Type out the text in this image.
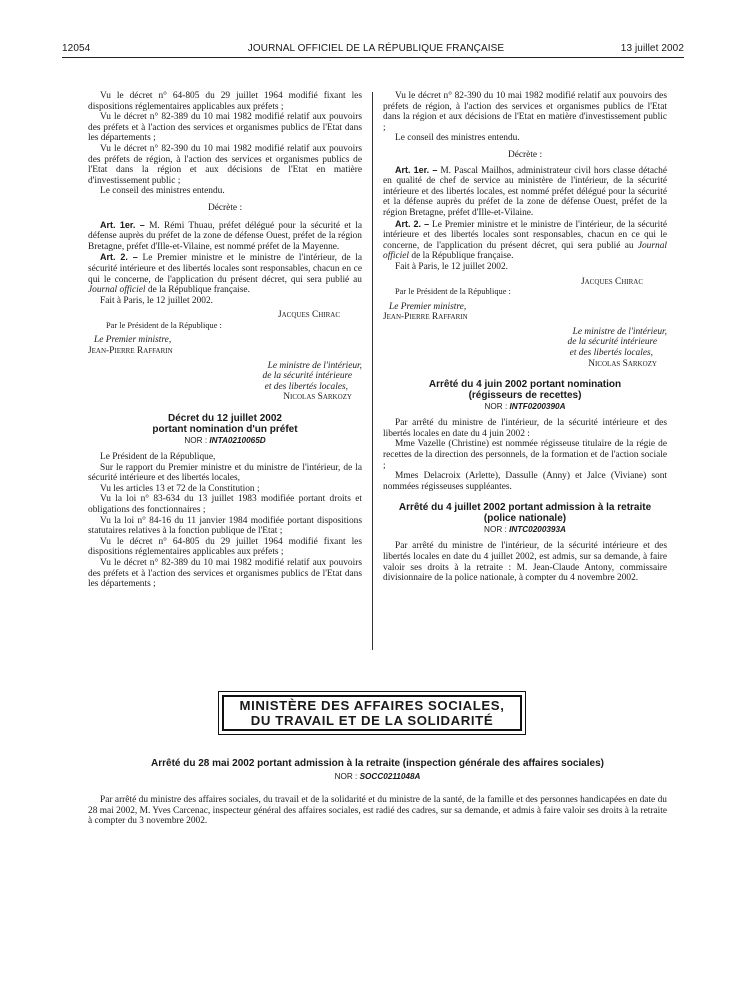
12054	JOURNAL OFFICIEL DE LA RÉPUBLIQUE FRANÇAISE	13 juillet 2002

Vu le décret n° 64-805 du 29 juillet 1964 modifié fixant les dispositions réglementaires applicables aux préfets ;

Vu le décret n° 82-389 du 10 mai 1982 modifié relatif aux pouvoirs des préfets et à l'action des services et organismes publics de l'Etat dans les départements ;

Vu le décret n° 82-390 du 10 mai 1982 modifié relatif aux pouvoirs des préfets de région, à l'action des services et organismes publics de l'Etat dans la région et aux décisions de l'Etat en matière d'investissement public ;

Le conseil des ministres entendu.

Décrète :

Art. 1er. – M. Rémi Thuau, préfet délégué pour la sécurité et la défense auprès du préfet de la zone de défense Ouest, préfet de la région Bretagne, préfet d'Ille-et-Vilaine, est nommé préfet de la Mayenne.

Art. 2. – Le Premier ministre et le ministre de l'intérieur, de la sécurité intérieure et des libertés locales sont responsables, chacun en ce qui le concerne, de l'application du présent décret, qui sera publié au Journal officiel de la République française.

Fait à Paris, le 12 juillet 2002.

Jacques Chirac
Par le Président de la République :
Le Premier ministre,
Jean-Pierre Raffarin
Le ministre de l'intérieur,
de la sécurité intérieure
et des libertés locales,
Nicolas Sarkozy
Décret du 12 juillet 2002
portant nomination d'un préfet
NOR : INTA0210065D

Le Président de la République,

Sur le rapport du Premier ministre et du ministre de l'intérieur, de la sécurité intérieure et des libertés locales,

Vu les articles 13 et 72 de la Constitution ;

Vu la loi n° 83-634 du 13 juillet 1983 modifiée portant droits et obligations des fonctionnaires ;

Vu la loi n° 84-16 du 11 janvier 1984 modifiée portant dispositions statutaires relatives à la fonction publique de l'Etat ;

Vu le décret n° 64-805 du 29 juillet 1964 modifié fixant les dispositions réglementaires applicables aux préfets ;

Vu le décret n° 82-389 du 10 mai 1982 modifié relatif aux pouvoirs des préfets et à l'action des services et organismes publics de l'Etat dans les départements ;

Vu le décret n° 82-390 du 10 mai 1982 modifié relatif aux pouvoirs des préfets de région, à l'action des services et organismes publics de l'Etat dans la région et aux décisions de l'Etat en matière d'investissement public ;

Le conseil des ministres entendu.

Décrète :

Art. 1er. – M. Pascal Mailhos, administrateur civil hors classe détaché en qualité de chef de service au ministère de l'intérieur, de la sécurité intérieure et des libertés locales, est nommé préfet délégué pour la sécurité et la défense auprès du préfet de la zone de défense Ouest, préfet de la région Bretagne, préfet d'Ille-et-Vilaine.

Art. 2. – Le Premier ministre et le ministre de l'intérieur, de la sécurité intérieure et des libertés locales sont responsables, chacun en ce qui le concerne, de l'application du présent décret, qui sera publié au Journal officiel de la République française.

Fait à Paris, le 12 juillet 2002.

Jacques Chirac
Par le Président de la République :
Le Premier ministre,
Jean-Pierre Raffarin
Le ministre de l'intérieur,
de la sécurité intérieure
et des libertés locales,
Nicolas Sarkozy
Arrêté du 4 juin 2002 portant nomination
(régisseurs de recettes)
NOR : INTF0200390A

Par arrêté du ministre de l'intérieur, de la sécurité intérieure et des libertés locales en date du 4 juin 2002 :

Mme Vazelle (Christine) est nommée régisseuse titulaire de la régie de recettes de la direction des personnels, de la formation et de l'action sociale ;

Mmes Delacroix (Arlette), Dassulle (Anny) et Jalce (Viviane) sont nommées régisseuses suppléantes.

Arrêté du 4 juillet 2002 portant admission à la retraite
(police nationale)
NOR : INTC0200393A

Par arrêté du ministre de l'intérieur, de la sécurité intérieure et des libertés locales en date du 4 juillet 2002, est admis, sur sa demande, à faire valoir ses droits à la retraite : M. Jean-Claude Antony, commissaire divisionnaire de la police nationale, à compter du 4 novembre 2002.

MINISTÈRE DES AFFAIRES SOCIALES,
DU TRAVAIL ET DE LA SOLIDARITÉ
Arrêté du 28 mai 2002 portant admission à la retraite (inspection générale des affaires sociales)
NOR : SOCC0211048A

Par arrêté du ministre des affaires sociales, du travail et de la solidarité et du ministre de la santé, de la famille et des personnes handicapées en date du 28 mai 2002, M. Yves Carcenac, inspecteur général des affaires sociales, est radié des cadres, sur sa demande, et admis à faire valoir ses droits à la retraite à compter du 3 novembre 2002.
